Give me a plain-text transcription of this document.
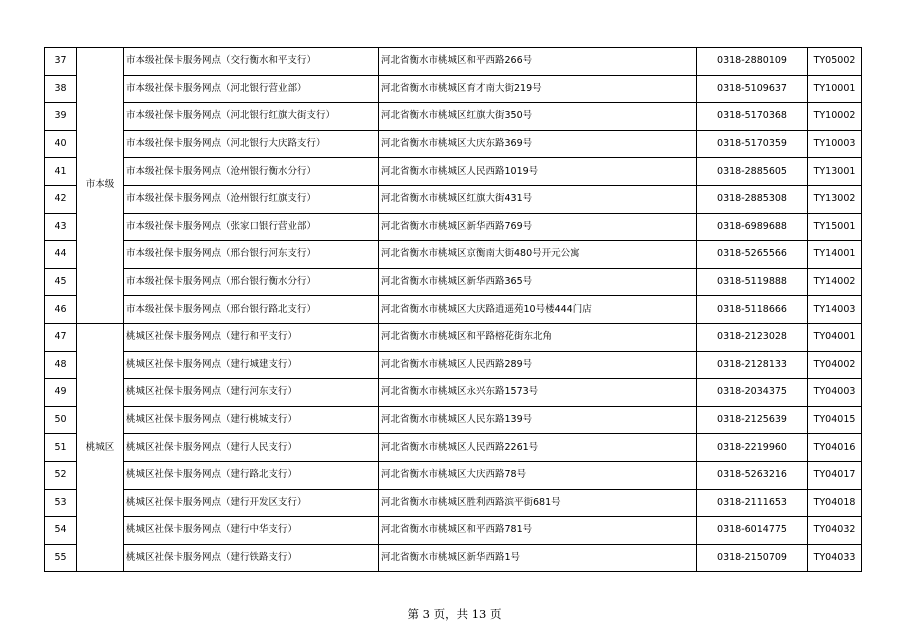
37	市本级	市本级社保卡服务网点（交行衡水和平支行）	河北省衡水市桃城区和平西路266号	0318-2880109	TY05002
38		市本级社保卡服务网点（河北银行营业部）	河北省衡水市桃城区育才南大街219号	0318-5109637	TY10001
39		市本级社保卡服务网点（河北银行红旗大街支行）	河北省衡水市桃城区红旗大街350号	0318-5170368	TY10002
40		市本级社保卡服务网点（河北银行大庆路支行）	河北省衡水市桃城区大庆东路369号	0318-5170359	TY10003
41		市本级社保卡服务网点（沧州银行衡水分行）	河北省衡水市桃城区人民西路1019号	0318-2885605	TY13001
42		市本级社保卡服务网点（沧州银行红旗支行）	河北省衡水市桃城区红旗大街431号	0318-2885308	TY13002
43		市本级社保卡服务网点（张家口银行营业部）	河北省衡水市桃城区新华西路769号	0318-6989688	TY15001
44		市本级社保卡服务网点（邢台银行河东支行）	河北省衡水市桃城区京衡南大街480号开元公寓	0318-5265566	TY14001
45		市本级社保卡服务网点（邢台银行衡水分行）	河北省衡水市桃城区新华西路365号	0318-5119888	TY14002
46		市本级社保卡服务网点（邢台银行路北支行）	河北省衡水市桃城区大庆路逍遥苑10号楼444门店	0318-5118666	TY14003
47	桃城区	桃城区社保卡服务网点（建行和平支行）	河北省衡水市桃城区和平路榕花街东北角	0318-2123028	TY04001
48		桃城区社保卡服务网点（建行城建支行）	河北省衡水市桃城区人民西路289号	0318-2128133	TY04002
49		桃城区社保卡服务网点（建行河东支行）	河北省衡水市桃城区永兴东路1573号	0318-2034375	TY04003
50		桃城区社保卡服务网点（建行桃城支行）	河北省衡水市桃城区人民东路139号	0318-2125639	TY04015
51		桃城区社保卡服务网点（建行人民支行）	河北省衡水市桃城区人民西路2261号	0318-2219960	TY04016
52		桃城区社保卡服务网点（建行路北支行）	河北省衡水市桃城区大庆西路78号	0318-5263216	TY04017
53		桃城区社保卡服务网点（建行开发区支行）	河北省衡水市桃城区胜利西路滨平街681号	0318-2111653	TY04018
54		桃城区社保卡服务网点（建行中华支行）	河北省衡水市桃城区和平西路781号	0318-6014775	TY04032
55		桃城区社保卡服务网点（建行铁路支行）	河北省衡水市桃城区新华西路1号	0318-2150709	TY04033
第 3 页，共 13 页
